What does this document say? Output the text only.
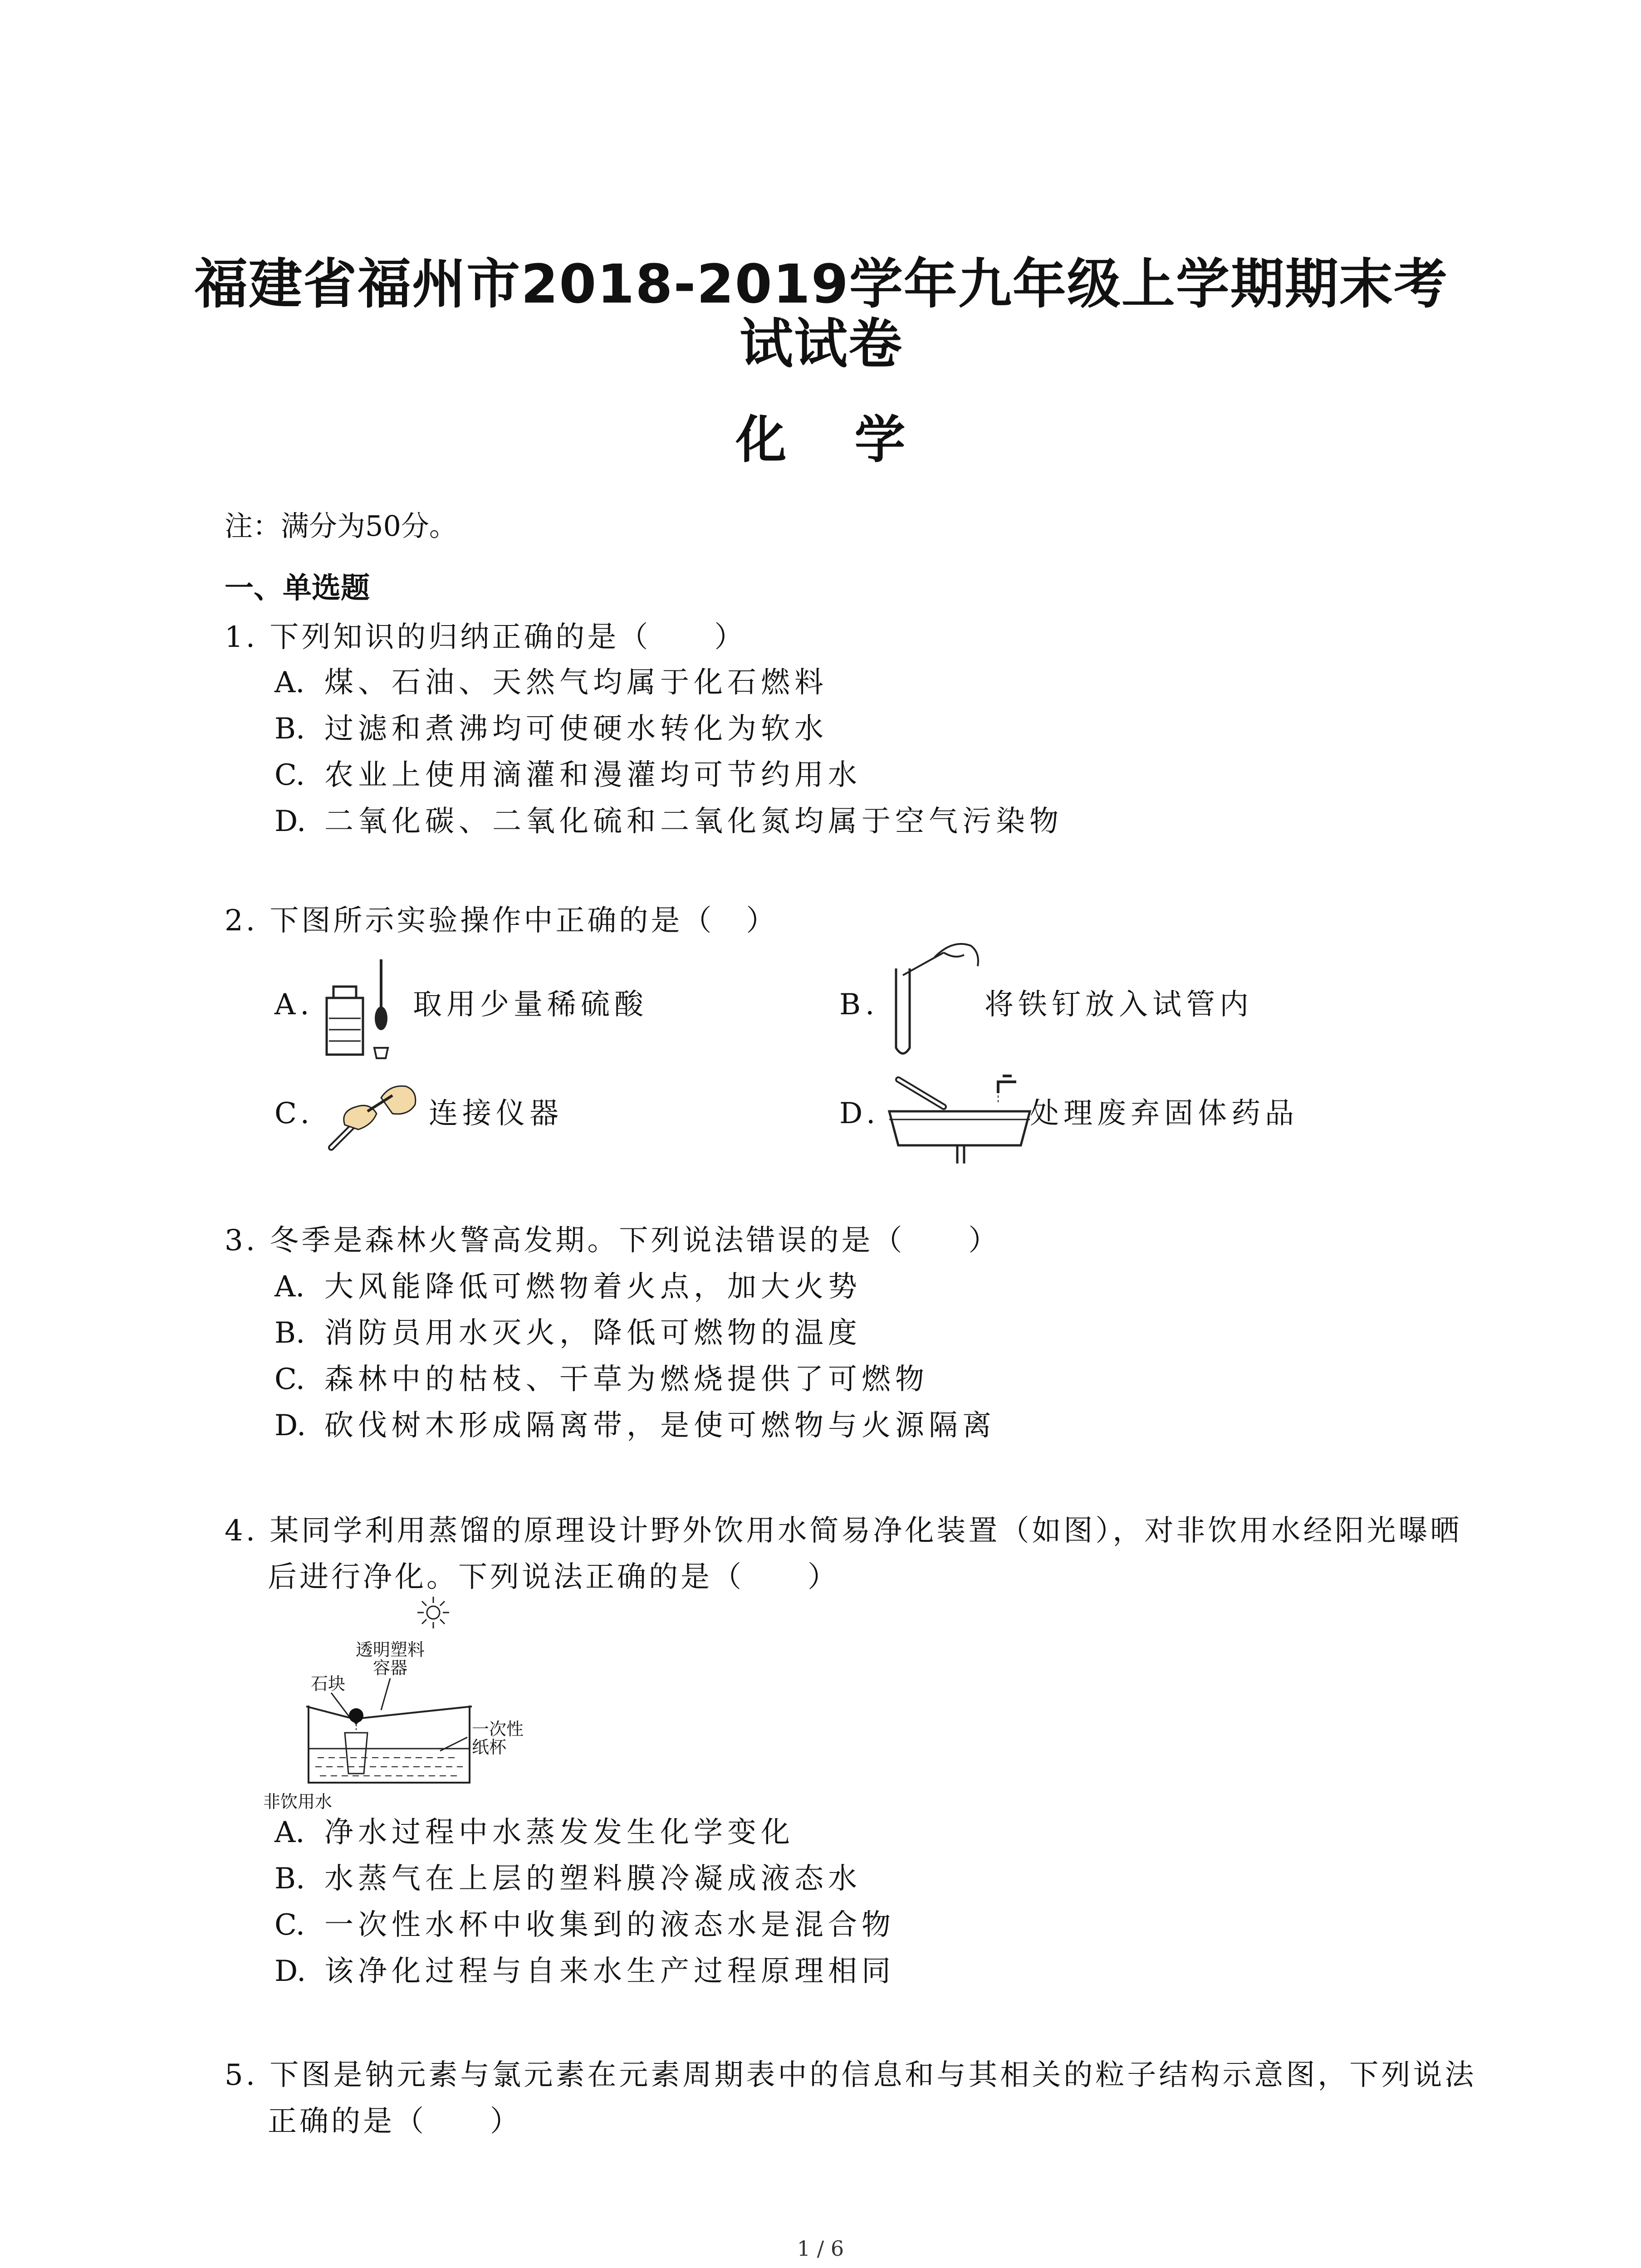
福建省福州市2018-2019学年九年级上学期期末考试试卷
化学
注：满分为50分。
一、单选题
1. 下列知识的归纳正确的是（　　）
A. 煤、石油、天然气均属于化石燃料
B. 过滤和煮沸均可使硬水转化为软水
C. 农业上使用滴灌和漫灌均可节约用水
D. 二氧化碳、二氧化硫和二氧化氮均属于空气污染物
2. 下图所示实验操作中正确的是（　）
A.	取用少量稀硫酸	B.	将铁钉放入试管内
C.	连接仪器	D.	处理废弃固体药品
3. 冬季是森林火警高发期。下列说法错误的是（　　）
A. 大风能降低可燃物着火点，加大火势
B. 消防员用水灭火，降低可燃物的温度
C. 森林中的枯枝、干草为燃烧提供了可燃物
D. 砍伐树木形成隔离带，是使可燃物与火源隔离
4. 某同学利用蒸馏的原理设计野外饮用水简易净化装置（如图），对非饮用水经阳光曝晒
后进行净化。下列说法正确的是（　　）
透明塑料
容器
石块
一次性
纸杯
非饮用水
A. 净水过程中水蒸发发生化学变化
B. 水蒸气在上层的塑料膜冷凝成液态水
C. 一次性水杯中收集到的液态水是混合物
D. 该净化过程与自来水生产过程原理相同
5. 下图是钠元素与氯元素在元素周期表中的信息和与其相关的粒子结构示意图，下列说法
正确的是（　　）
1 / 6
